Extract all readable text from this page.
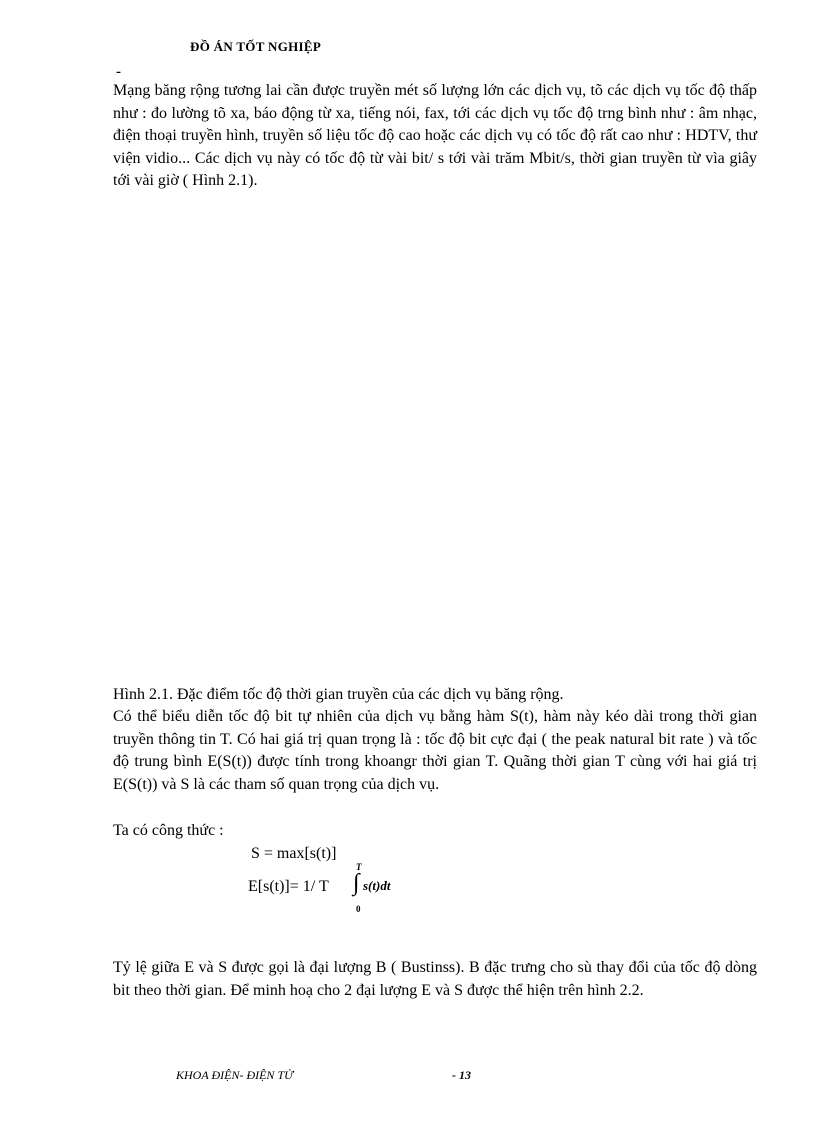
ĐỒ ÁN TỐT NGHIỆP
-

Mạng băng rộng tương lai cần được truyền mét số lượng lớn các dịch vụ, tõ các dịch vụ tốc độ thấp như : đo lường tõ xa, báo động từ xa, tiếng nói, fax, tới các dịch vụ tốc độ trng bình như : âm nhạc, điện thoại truyền hình, truyền số liệu tốc độ cao hoặc các dịch vụ có tốc độ rất cao như : HDTV, thư viện vidio... Các dịch vụ này có tốc độ từ vài bit/ s tới vài trăm Mbit/s, thời gian truyền từ vìa giây tới vài giờ ( Hình 2.1).

Hình 2.1. Đặc điểm tốc độ thời gian truyền của các dịch vụ băng rộng.

Có thể biểu diễn tốc độ bit tự nhiên của dịch vụ bằng hàm S(t), hàm này kéo dài trong thời gian truyền thông tin T. Có hai giá trị quan trọng là : tốc độ bit cực đại ( the peak natural bit rate ) và tốc độ trung bình E(S(t)) được tính trong khoangr thời gian T. Quãng thời gian T cùng với hai giá trị E(S(t)) và S là các tham số quan trọng của dịch vụ.

Ta có công thức :

S = max[s(t)]
E[s(t)]= 1/ T
T
∫ s(t)dt
0

Tỷ lệ giữa E và S được gọi là đại lượng B ( Bustinss). B đặc trưng cho sù thay đổi của tốc độ dòng bit theo thời gian. Để minh hoạ cho 2 đại lượng E và S được thể hiện trên hình 2.2.

KHOA ĐIỆN- ĐIỆN TỬ	- 13
